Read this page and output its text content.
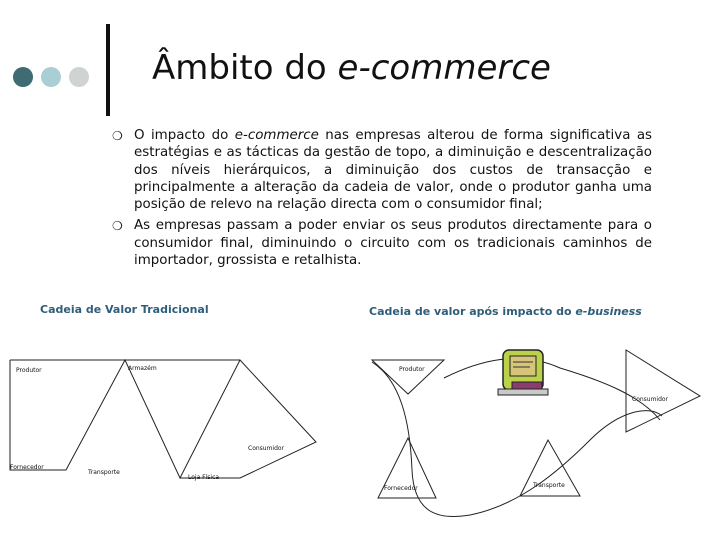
Âmbito do e-commerce
❍ O impacto do e-commerce nas empresas alterou de forma significativa as estratégias e as tácticas da gestão de topo, a diminuição e descentralização dos níveis hierárquicos, a diminuição dos custos de transacção e principalmente a alteração da cadeia de valor, onde o produtor ganha uma posição de relevo na relação directa com o consumidor final;
❍ As empresas passam a poder enviar os seus produtos directamente para o consumidor final, diminuindo o circuito com os tradicionais caminhos de importador, grossista e retalhista.
Cadeia de Valor Tradicional	Cadeia de valor após impacto do e-business
Produtor	Armazém
Consumidor
Fornecedor
Transporte
Loja Física
Produtor
Consumidor
Fornecedor	Transporte
